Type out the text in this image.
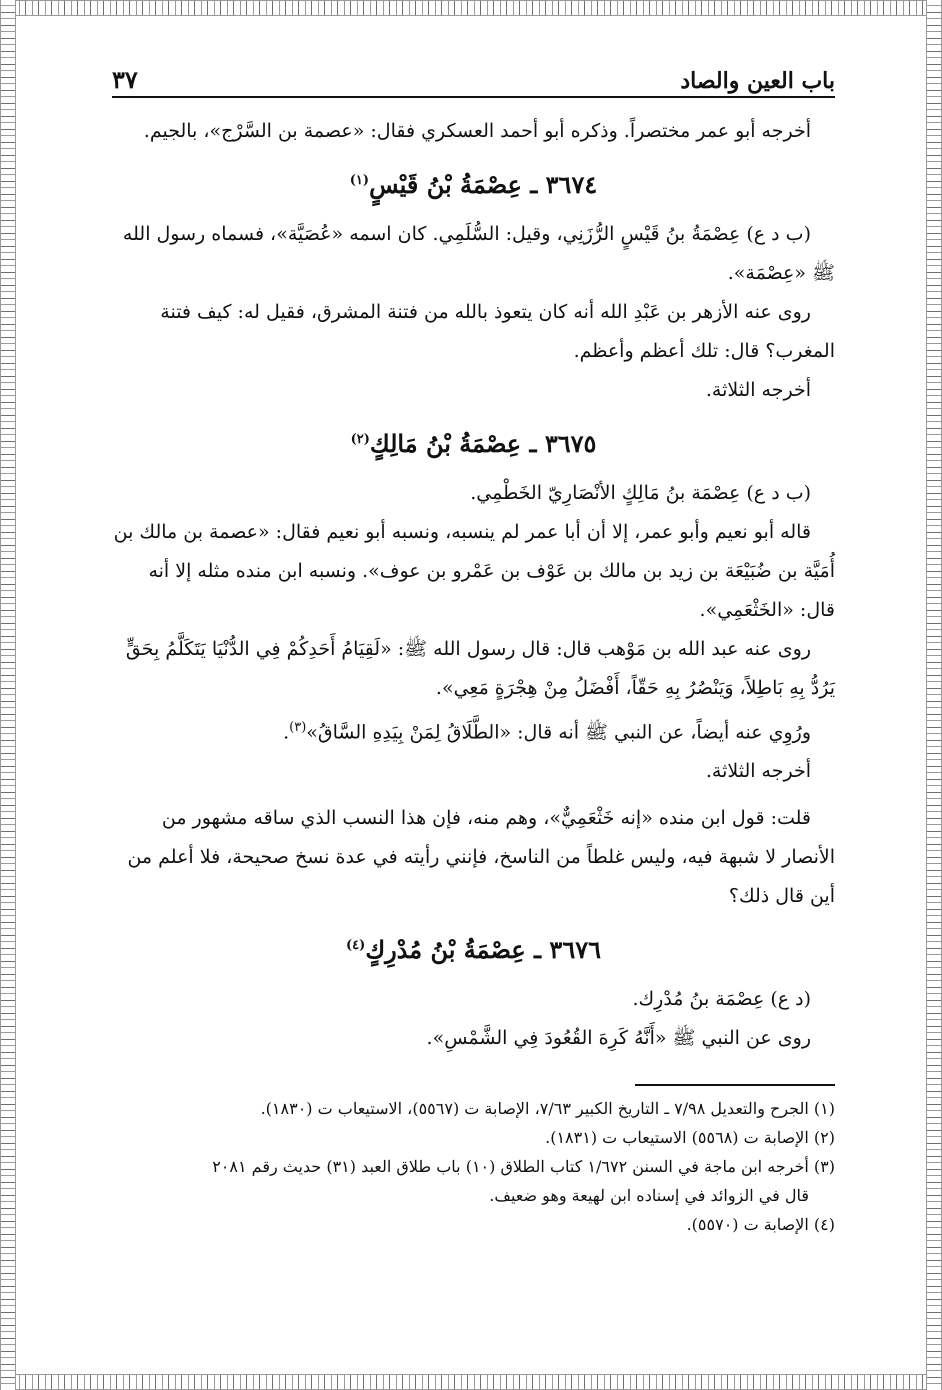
باب العين والصاد
٣٧

أخرجه أبو عمر مختصراً. وذكره أبو أحمد العسكري فقال: «عصمة بن السَّرْج»، بالجيم.

٣٦٧٤ ـ عِصْمَةُ بْنُ قَيْسٍ$^{(١)}$

(ب د ع) عِصْمَةُ بنُ قَيْسٍ الرُّزَنِي، وقيل: السُّلَمِي. كان اسمه «عُصَيَّة»، فسماه رسول الله ﷺ «عِصْمَة».

روى عنه الأزهر بن عَبْدِ الله أنه كان يتعوذ بالله من فتنة المشرق، فقيل له: كيف فتنة المغرب؟ قال: تلك أعظم وأعظم.

أخرجه الثلاثة.

٣٦٧٥ ـ عِصْمَةُ بْنُ مَالِكٍ$^{(٢)}$

(ب د ع) عِصْمَة بنُ مَالِكٍ الأنْصَارِيّ الخَطْمِي.

قاله أبو نعيم وأبو عمر، إلا أن أبا عمر لم ينسبه، ونسبه أبو نعيم فقال: «عصمة بن مالك بن أُمَيَّة بن ضُبَيْعَة بن زيد بن مالك بن عَوْف بن عَمْرو بن عوف». ونسبه ابن منده مثله إلا أنه قال: «الخَثْعَمِي».

روى عنه عبد الله بن مَوْهب قال: قال رسول الله ﷺ: «لَقِيَامُ أَحَدِكُمْ فِي الدُّنْيَا يَتَكَلَّمُ بِحَقٍّ يَرُدُّ بِهِ بَاطِلاً، وَيَنْصُرُ بِهِ حَقّاً، أَفْضَلُ مِنْ هِجْرَةٍ مَعِي».

ورُوِي عنه أيضاً، عن النبي ﷺ أنه قال: «الطَّلَاقُ لِمَنْ بِيَدِهِ السَّاقُ»$^{(٣)}$.

أخرجه الثلاثة.

قلت: قول ابن منده «إنه خَثْعَمِيٌّ»، وهم منه، فإن هذا النسب الذي ساقه مشهور من الأنصار لا شبهة فيه، وليس غلطاً من الناسخ، فإنني رأيته في عدة نسخ صحيحة، فلا أعلم من أين قال ذلك؟

٣٦٧٦ ـ عِصْمَةُ بْنُ مُدْرِكٍ$^{(٤)}$

(د ع) عِصْمَة بنُ مُدْرِك.

روى عن النبي ﷺ «أَنَّهُ كَرِهَ القُعُودَ فِي الشَّمْسِ».

(١) الجرح والتعديل ٧/٩٨ ـ التاريخ الكبير ٧/٦٣، الإصابة ت (٥٥٦٧)، الاستيعاب ت (١٨٣٠).

(٢) الإصابة ت (٥٥٦٨) الاستيعاب ت (١٨٣١).

(٣) أخرجه ابن ماجة في السنن ١/٦٧٢ كتاب الطلاق (١٠) باب طلاق العبد (٣١) حديث رقم ٢٠٨١

قال في الزوائد في إسناده ابن لهيعة وهو ضعيف.

(٤) الإصابة ت (٥٥٧٠).
